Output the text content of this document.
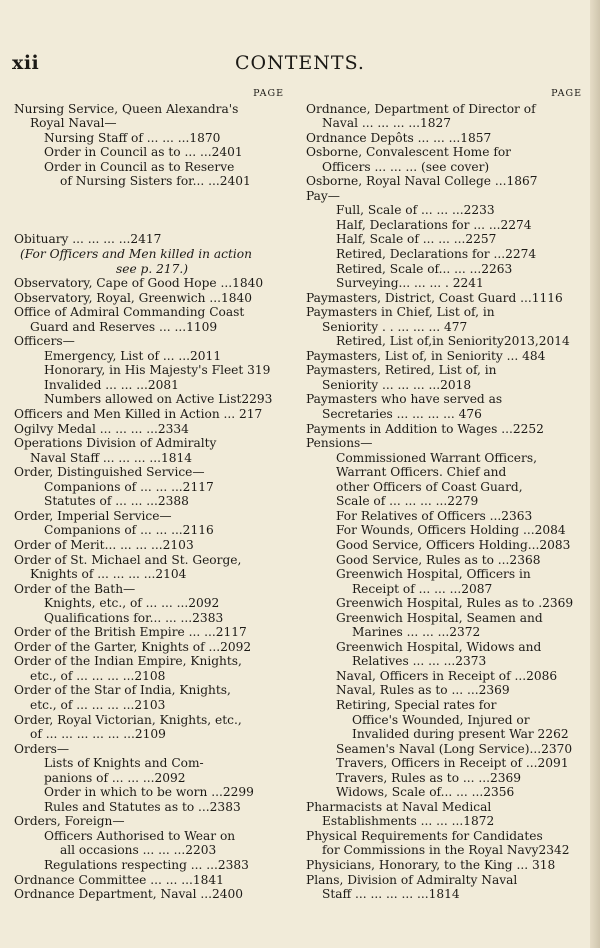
xii	CONTENTS.
PAGE
Nursing Service, Queen Alexandra's
Royal Naval—
Nursing Staff of ... ... ...1870
Order in Council as to ... ...2401
Order in Council as to Reserve
of Nursing Sisters for... ...2401
Obituary ... ... ... ...2417
(For Officers and Men killed in action
see p. 217.)
Observatory, Cape of Good Hope ...1840
Observatory, Royal, Greenwich ...1840
Office of Admiral Commanding Coast
Guard and Reserves ... ...1109
Officers—
Emergency, List of ... ...2011
Honorary, in His Majesty's Fleet 319
Invalided ... ... ...2081
Numbers allowed on Active List2293
Officers and Men Killed in Action ... 217
Ogilvy Medal ... ... ... ...2334
Operations Division of Admiralty
Naval Staff ... ... ... ...1814
Order, Distinguished Service—
Companions of ... ... ...2117
Statutes of ... ... ...2388
Order, Imperial Service—
Companions of ... ... ...2116
Order of Merit... ... ... ...2103
Order of St. Michael and St. George,
Knights of ... ... ... ...2104
Order of the Bath—
Knights, etc., of ... ... ...2092
Qualifications for... ... ...2383
Order of the British Empire ... ...2117
Order of the Garter, Knights of ...2092
Order of the Indian Empire, Knights,
etc., of ... ... ... ...2108
Order of the Star of India, Knights,
etc., of ... ... ... ...2103
Order, Royal Victorian, Knights, etc.,
of ... ... ... ... ... ...2109
Orders—
Lists of Knights and Com-
panions of ... ... ...2092
Order in which to be worn ...2299
Rules and Statutes as to ...2383
Orders, Foreign—
Officers Authorised to Wear on
all occasions ... ... ...2203
Regulations respecting ... ...2383
Ordnance Committee ... ... ...1841
Ordnance Department, Naval ...2400
PAGE
Ordnance, Department of Director of
Naval ... ... ... ...1827
Ordnance Depôts ... ... ...1857
Osborne, Convalescent Home for
Officers ... ... ... (see cover)
Osborne, Royal Naval College ...1867
Pay—
Full, Scale of ... ... ...2233
Half, Declarations for ... ...2274
Half, Scale of ... ... ...2257
Retired, Declarations for ...2274
Retired, Scale of... ... ...2263
Surveying... ... ... . 2241
Paymasters, District, Coast Guard ...1116
Paymasters in Chief, List of, in
Seniority . . ... ... ... 477
Retired, List of,in Seniority2013,2014
Paymasters, List of, in Seniority ... 484
Paymasters, Retired, List of, in
Seniority ... ... ... ...2018
Paymasters who have served as
Secretaries ... ... ... ... 476
Payments in Addition to Wages ...2252
Pensions—
Commissioned Warrant Officers,
Warrant Officers. Chief and
other Officers of Coast Guard,
Scale of ... ... ... ...2279
For Relatives of Officers ...2363
For Wounds, Officers Holding ...2084
Good Service, Officers Holding...2083
Good Service, Rules as to ...2368
Greenwich Hospital, Officers in
Receipt of ... ... ...2087
Greenwich Hospital, Rules as to .2369
Greenwich Hospital, Seamen and
Marines ... ... ...2372
Greenwich Hospital, Widows and
Relatives ... ... ...2373
Naval, Officers in Receipt of ...2086
Naval, Rules as to ... ...2369
Retiring, Special rates for
Office's Wounded, Injured or
Invalided during present War 2262
Seamen's Naval (Long Service)...2370
Travers, Officers in Receipt of ...2091
Travers, Rules as to ... ...2369
Widows, Scale of... ... ...2356
Pharmacists at Naval Medical
Establishments ... ... ...1872
Physical Requirements for Candidates
for Commissions in the Royal Navy2342
Physicians, Honorary, to the King ... 318
Plans, Division of Admiralty Naval
Staff ... ... ... ... ...1814
